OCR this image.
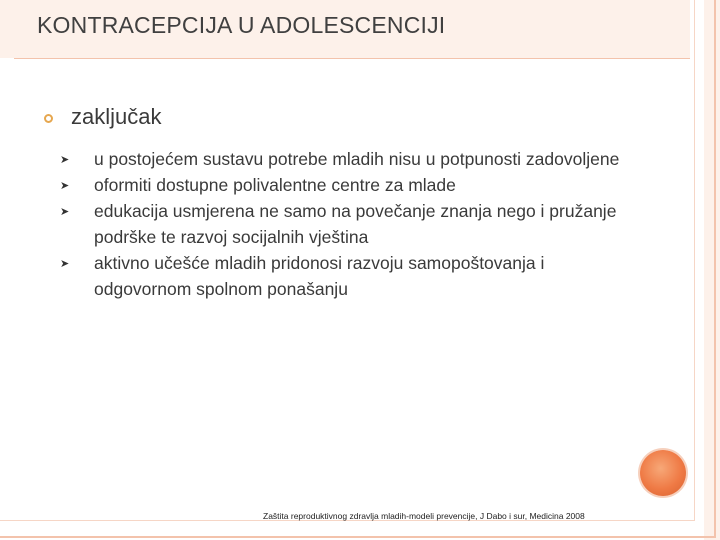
KONTRACEPCIJA U ADOLESCENCIJI
zaključak
➤ u postojećem sustavu potrebe mladih nisu u potpunosti zadovoljene
➤ oformiti dostupne polivalentne centre za mlade
➤ edukacija usmjerena ne samo na povečanje znanja nego i pružanje podrške te razvoj socijalnih vještina
➤ aktivno učešće mladih pridonosi razvoju samopoštovanja i odgovornom spolnom ponašanju
Zaštita reproduktivnog zdravlja mladih-modeli prevencije, J Dabo i sur, Medicina 2008
